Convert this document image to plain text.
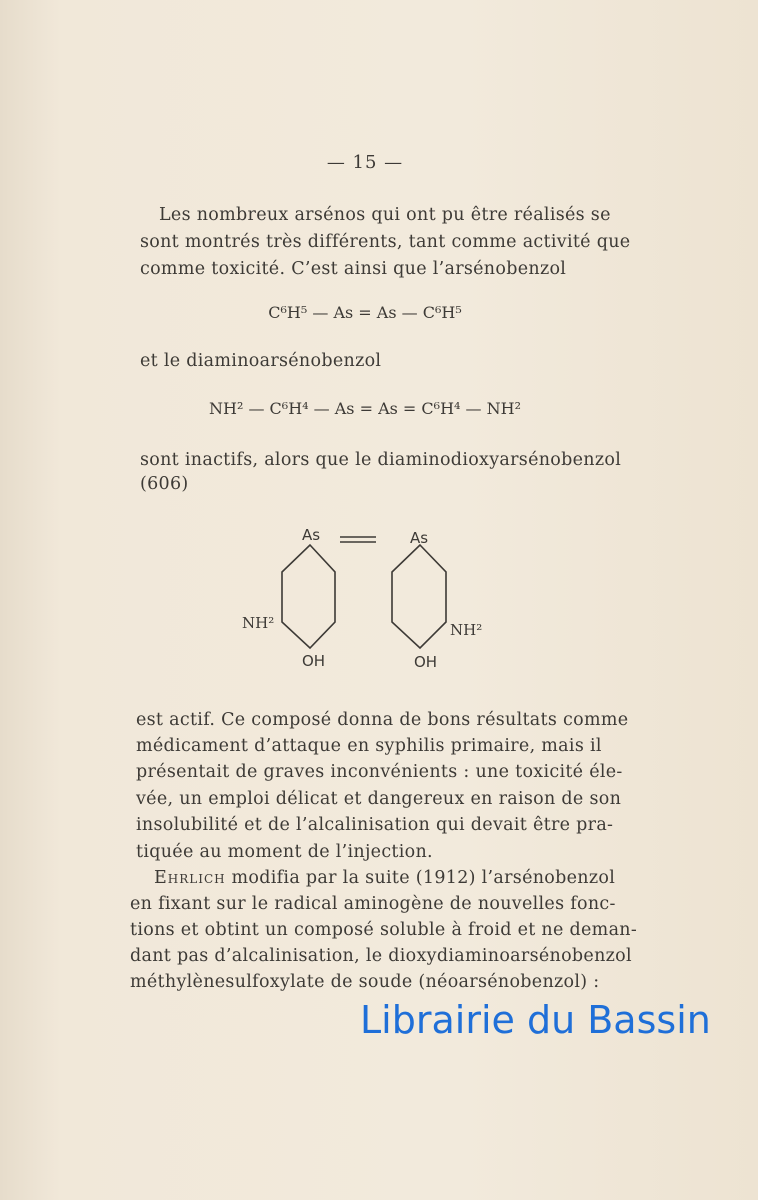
— 15 —
Les nombreux arsénos qui ont pu être réalisés se
sont montrés très différents, tant comme activité que
comme toxicité. C’est ainsi que l’arsénobenzol
C⁶H⁵ — As = As — C⁶H⁵
et le diaminoarsénobenzol
NH² — C⁶H⁴ — As = As = C⁶H⁴ — NH²
sont inactifs, alors que le diaminodioxyarsénobenzol
(606)
As	As
NH²	NH²
OH	OH
est actif. Ce composé donna de bons résultats comme
médicament d’attaque en syphilis primaire, mais il
présentait de graves inconvénients : une toxicité éle-
vée, un emploi délicat et dangereux en raison de son
insolubilité et de l’alcalinisation qui devait être pra-
tiquée au moment de l’injection.
Ehrlich modifia par la suite (1912) l’arsénobenzol
en fixant sur le radical aminogène de nouvelles fonc-
tions et obtint un composé soluble à froid et ne deman-
dant pas d’alcalinisation, le dioxydiaminoarsénobenzol
méthylènesulfoxylate de soude (néoarsénobenzol) :
Librairie du Bassin
